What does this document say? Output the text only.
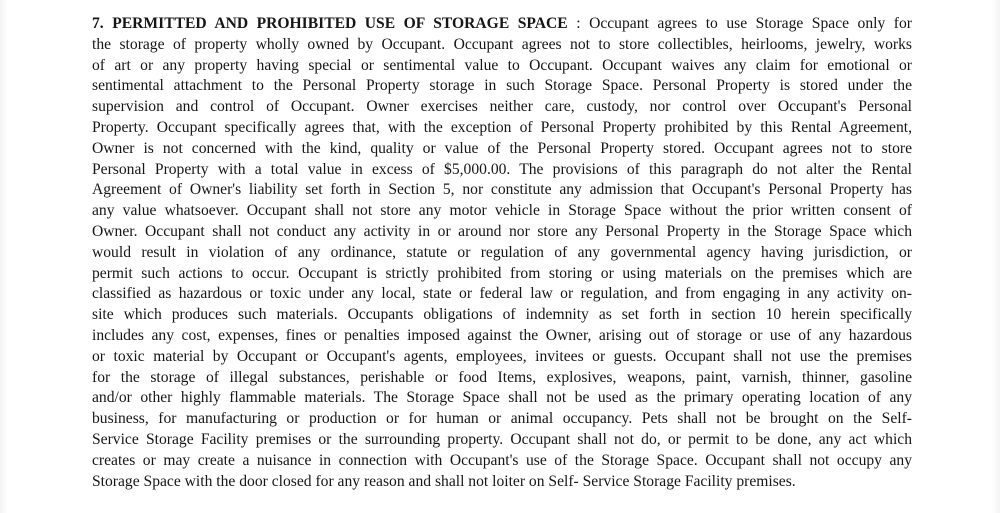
7. PERMITTED AND PROHIBITED USE OF STORAGE SPACE : Occupant agrees to use Storage Space only for
the storage of property wholly owned by Occupant. Occupant agrees not to store collectibles, heirlooms, jewelry, works
of art or any property having special or sentimental value to Occupant. Occupant waives any claim for emotional or
sentimental attachment to the Personal Property storage in such Storage Space. Personal Property is stored under the
supervision and control of Occupant. Owner exercises neither care, custody, nor control over Occupant's Personal
Property. Occupant specifically agrees that, with the exception of Personal Property prohibited by this Rental Agreement,
Owner is not concerned with the kind, quality or value of the Personal Property stored. Occupant agrees not to store
Personal Property with a total value in excess of $5,000.00. The provisions of this paragraph do not alter the Rental
Agreement of Owner's liability set forth in Section 5, nor constitute any admission that Occupant's Personal Property has
any value whatsoever. Occupant shall not store any motor vehicle in Storage Space without the prior written consent of
Owner. Occupant shall not conduct any activity in or around nor store any Personal Property in the Storage Space which
would result in violation of any ordinance, statute or regulation of any governmental agency having jurisdiction, or
permit such actions to occur. Occupant is strictly prohibited from storing or using materials on the premises which are
classified as hazardous or toxic under any local, state or federal law or regulation, and from engaging in any activity on-
site which produces such materials. Occupants obligations of indemnity as set forth in section 10 herein specifically
includes any cost, expenses, fines or penalties imposed against the Owner, arising out of storage or use of any hazardous
or toxic material by Occupant or Occupant's agents, employees, invitees or guests. Occupant shall not use the premises
for the storage of illegal substances, perishable or food Items, explosives, weapons, paint, varnish, thinner, gasoline
and/or other highly flammable materials. The Storage Space shall not be used as the primary operating location of any
business, for manufacturing or production or for human or animal occupancy. Pets shall not be brought on the Self-
Service Storage Facility premises or the surrounding property. Occupant shall not do, or permit to be done, any act which
creates or may create a nuisance in connection with Occupant's use of the Storage Space. Occupant shall not occupy any
Storage Space with the door closed for any reason and shall not loiter on Self- Service Storage Facility premises.
